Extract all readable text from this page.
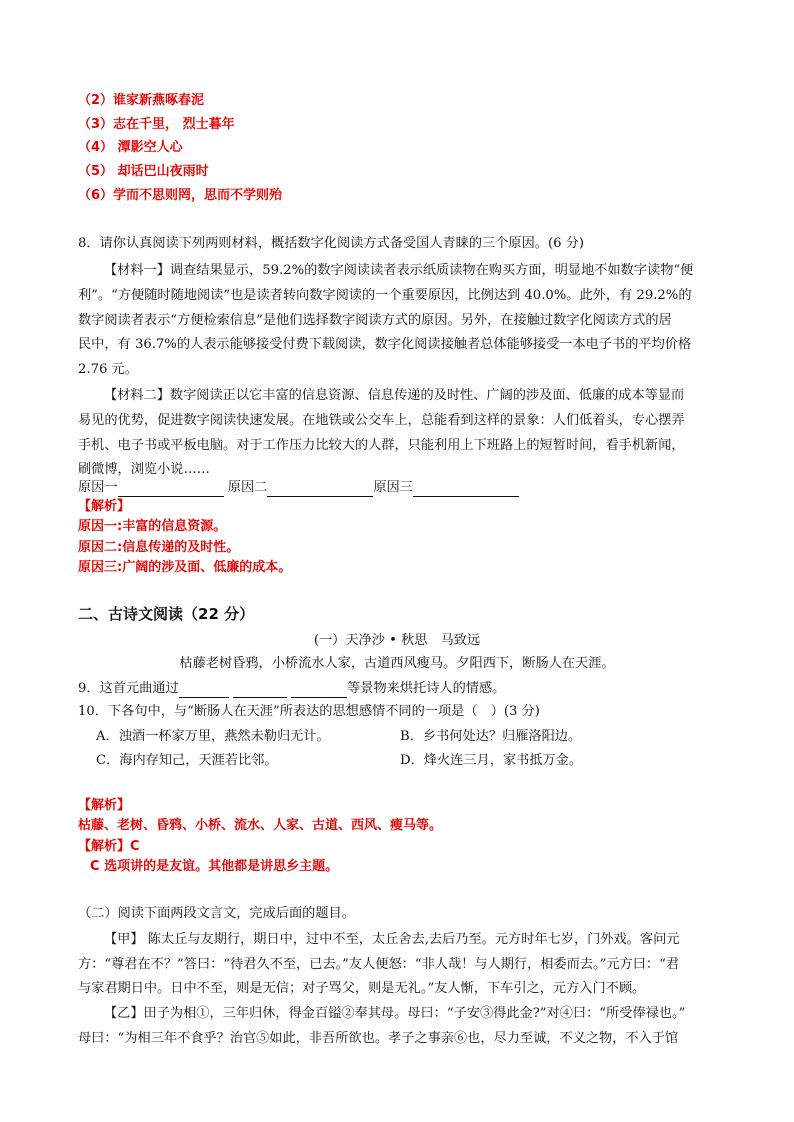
（2）谁家新燕啄春泥
（3）志在千里， 烈士暮年
（4） 潭影空人心
（5） 却话巴山夜雨时
（6）学而不思则罔，思而不学则殆
8．请你认真阅读下列两则材料，概括数字化阅读方式备受国人青睐的三个原因。(6 分)
【材料一】调查结果显示，59.2%的数字阅读读者表示纸质读物在购买方面，明显地不如数字读物“便
利”。“方便随时随地阅读”也是读者转向数字阅读的一个重要原因，比例达到 40.0%。此外，有 29.2%的
数字阅读者表示“方便检索信息”是他们选择数字阅读方式的原因。另外，在接触过数字化阅读方式的居
民中，有 36.7%的人表示能够接受付费下载阅读，数字化阅读接触者总体能够接受一本电子书的平均价格
2.76 元。
【材料二】数字阅读正以它丰富的信息资源、信息传递的及时性、广阔的涉及面、低廉的成本等显而
易见的优势，促进数字阅读快速发展。在地铁或公交车上，总能看到这样的景象：人们低着头，专心摆弄
手机、电子书或平板电脑。对于工作压力比较大的人群，只能利用上下班路上的短暂时间，看手机新闻，
刷微博，浏览小说……
原因一	原因二	原因三
【解析】
原因一:丰富的信息资源。
原因二:信息传递的及时性。
原因三:广阔的涉及面、低廉的成本。
二、古诗文阅读（22 分）
(一）天净沙 • 秋思　马致远
枯藤老树昏鸦，小桥流水人家，古道西风瘦马。夕阳西下，断肠人在天涯。
9．这首元曲通过	等景物来烘托诗人的情感。
10．下各句中，与“断肠人在天涯”所表达的思想感情不同的一项是（　）(3 分)
A．浊酒一杯家万里，燕然未勒归无计。	B．乡书何处达？归雁洛阳边。
C．海内存知己，天涯若比邻。	D．烽火连三月，家书抵万金。
【解析】
枯藤、老树、昏鸦、小桥、流水、人家、古道、西风、瘦马等。
【解析】C
C 选项讲的是友谊。其他都是讲思乡主题。
（二）阅读下面两段文言文，完成后面的题目。
【甲】 陈太丘与友期行，期日中，过中不至，太丘舍去,去后乃至。元方时年七岁，门外戏。客问元
方：“尊君在不？”答曰：“待君久不至，已去。”友人便怒：“非人哉！与人期行，相委而去。”元方曰：“君
与家君期日中。日中不至，则是无信；对子骂父，则是无礼。”友人惭，下车引之，元方入门不顾。
【乙】田子为相①，三年归休，得金百镒②奉其母。母曰：“子安③得此金?”对④曰：“所受俸禄也。”
母曰：“为相三年不食乎？治官⑤如此，非吾所欲也。孝子之事亲⑥也，尽力至诚，不义之物，不入于馆
